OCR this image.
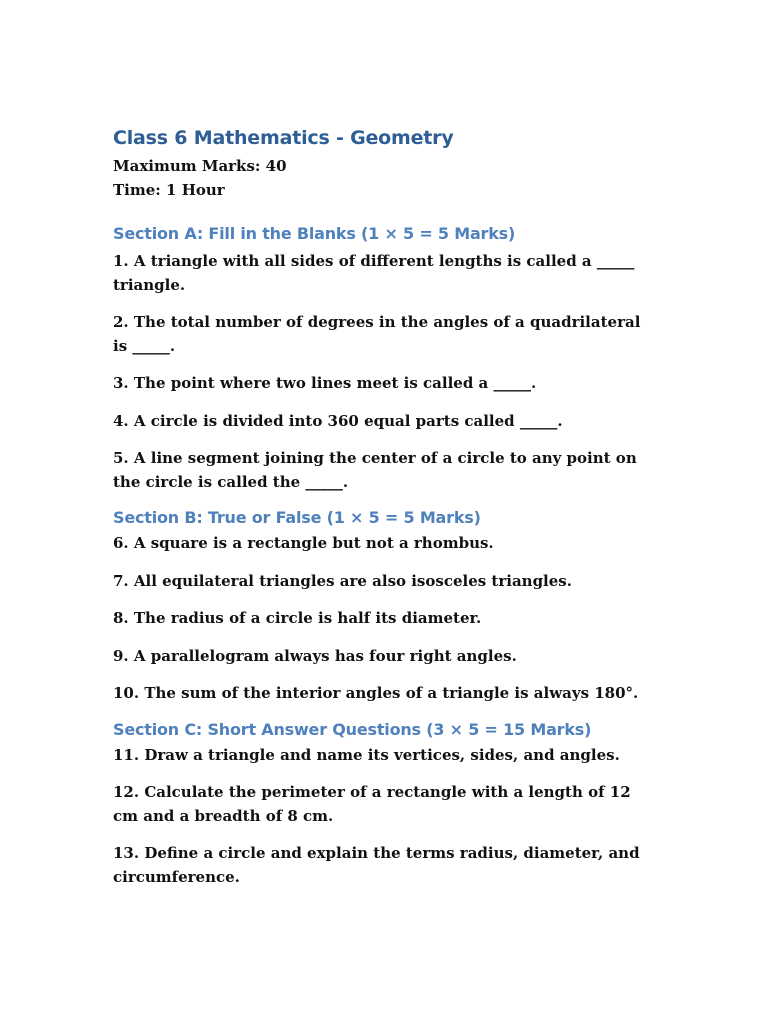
Class 6 Mathematics - Geometry
Maximum Marks: 40
Time: 1 Hour
Section A: Fill in the Blanks (1 × 5 = 5 Marks)

1. A triangle with all sides of different lengths is called a _____ triangle.

2. The total number of degrees in the angles of a quadrilateral is _____.

3. The point where two lines meet is called a _____.

4. A circle is divided into 360 equal parts called _____.

5. A line segment joining the center of a circle to any point on the circle is called the _____.

Section B: True or False (1 × 5 = 5 Marks)

6. A square is a rectangle but not a rhombus.

7. All equilateral triangles are also isosceles triangles.

8. The radius of a circle is half its diameter.

9. A parallelogram always has four right angles.

10. The sum of the interior angles of a triangle is always 180°.

Section C: Short Answer Questions (3 × 5 = 15 Marks)

11. Draw a triangle and name its vertices, sides, and angles.

12. Calculate the perimeter of a rectangle with a length of 12 cm and a breadth of 8 cm.

13. Define a circle and explain the terms radius, diameter, and circumference.
